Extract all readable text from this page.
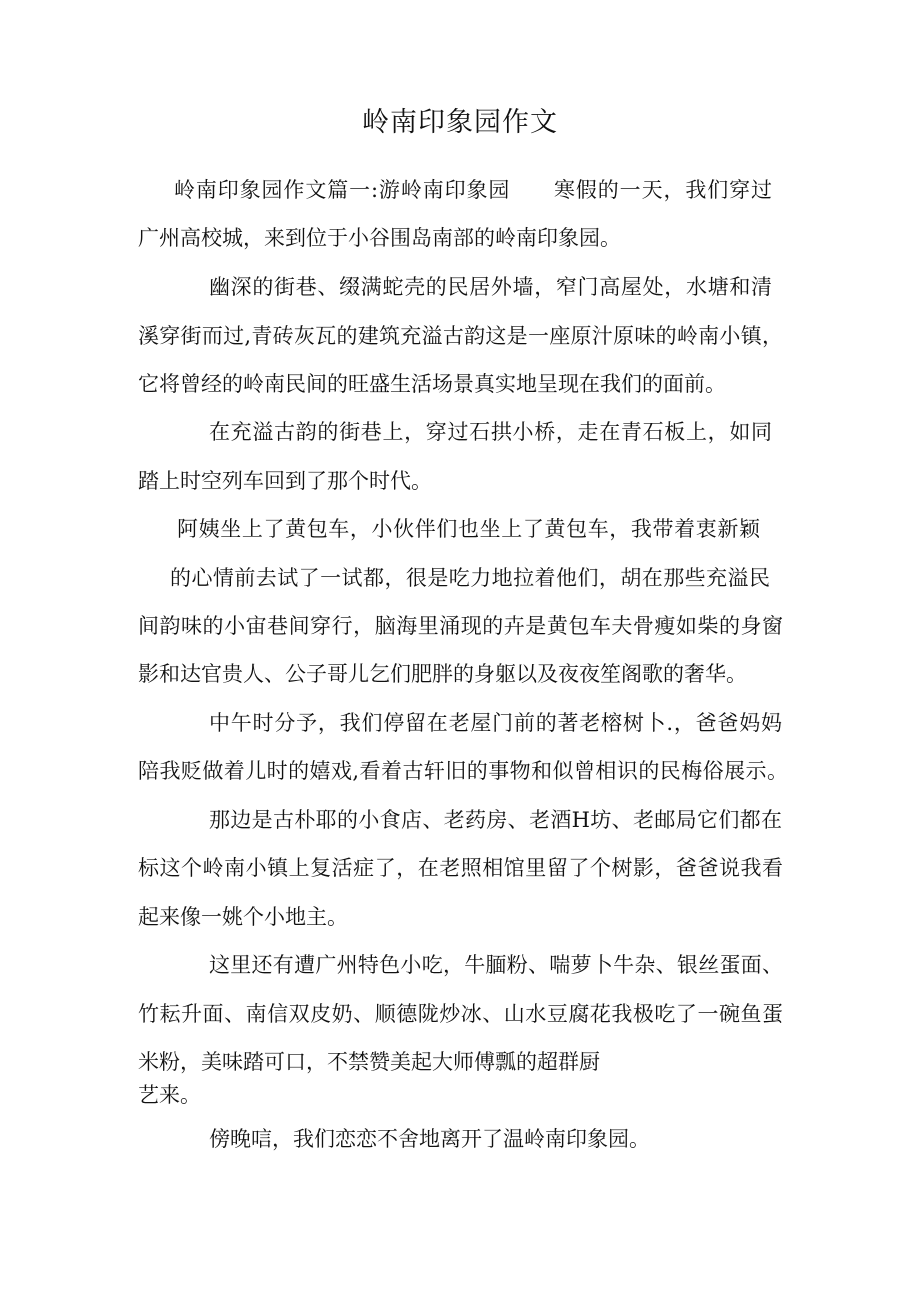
岭南印象园作文
岭南印象园作文篇一:游岭南印象园　　寒假的一天，我们穿过
广州高校城，来到位于小谷围岛南部的岭南印象园。
幽深的街巷、缀满蛇壳的民居外墙，窄门高屋处，水塘和清
溪穿街而过,青砖灰瓦的建筑充溢古韵这是一座原汁原味的岭南小镇，
它将曾经的岭南民间的旺盛生活场景真实地呈现在我们的面前。
在充溢古韵的街巷上，穿过石拱小桥，走在青石板上，如同
踏上时空列车回到了那个时代。
阿姨坐上了黄包车，小伙伴们也坐上了黄包车，我带着衷新颖
的心情前去试了一试都，很是吃力地拉着他们，胡在那些充溢民
间韵味的小宙巷间穿行，脑海里涌现的卉是黄包车夫骨瘦如柴的身窗
影和达官贵人、公子哥儿乞们肥胖的身躯以及夜夜笙阁歌的奢华。
中午时分予，我们停留在老屋门前的著老榕树卜.，爸爸妈妈
陪我贬做着儿时的嬉戏,看着古轩旧的事物和似曾相识的民梅俗展示。
那边是古朴耶的小食店、老药房、老酒H坊、老邮局它们都在
标这个岭南小镇上复活症了，在老照相馆里留了个树影，爸爸说我看
起来像一姚个小地主。
这里还有遭广州特色小吃，牛腼粉、喘萝卜牛杂、银丝蛋面、
竹耘升面、南信双皮奶、顺德陇炒冰、山水豆腐花我极吃了一碗鱼蛋
米粉，美味踏可口，不禁赞美起大师傅瓢的超群厨
艺来。
傍晚唁，我们恋恋不舍地离开了温岭南印象园。
